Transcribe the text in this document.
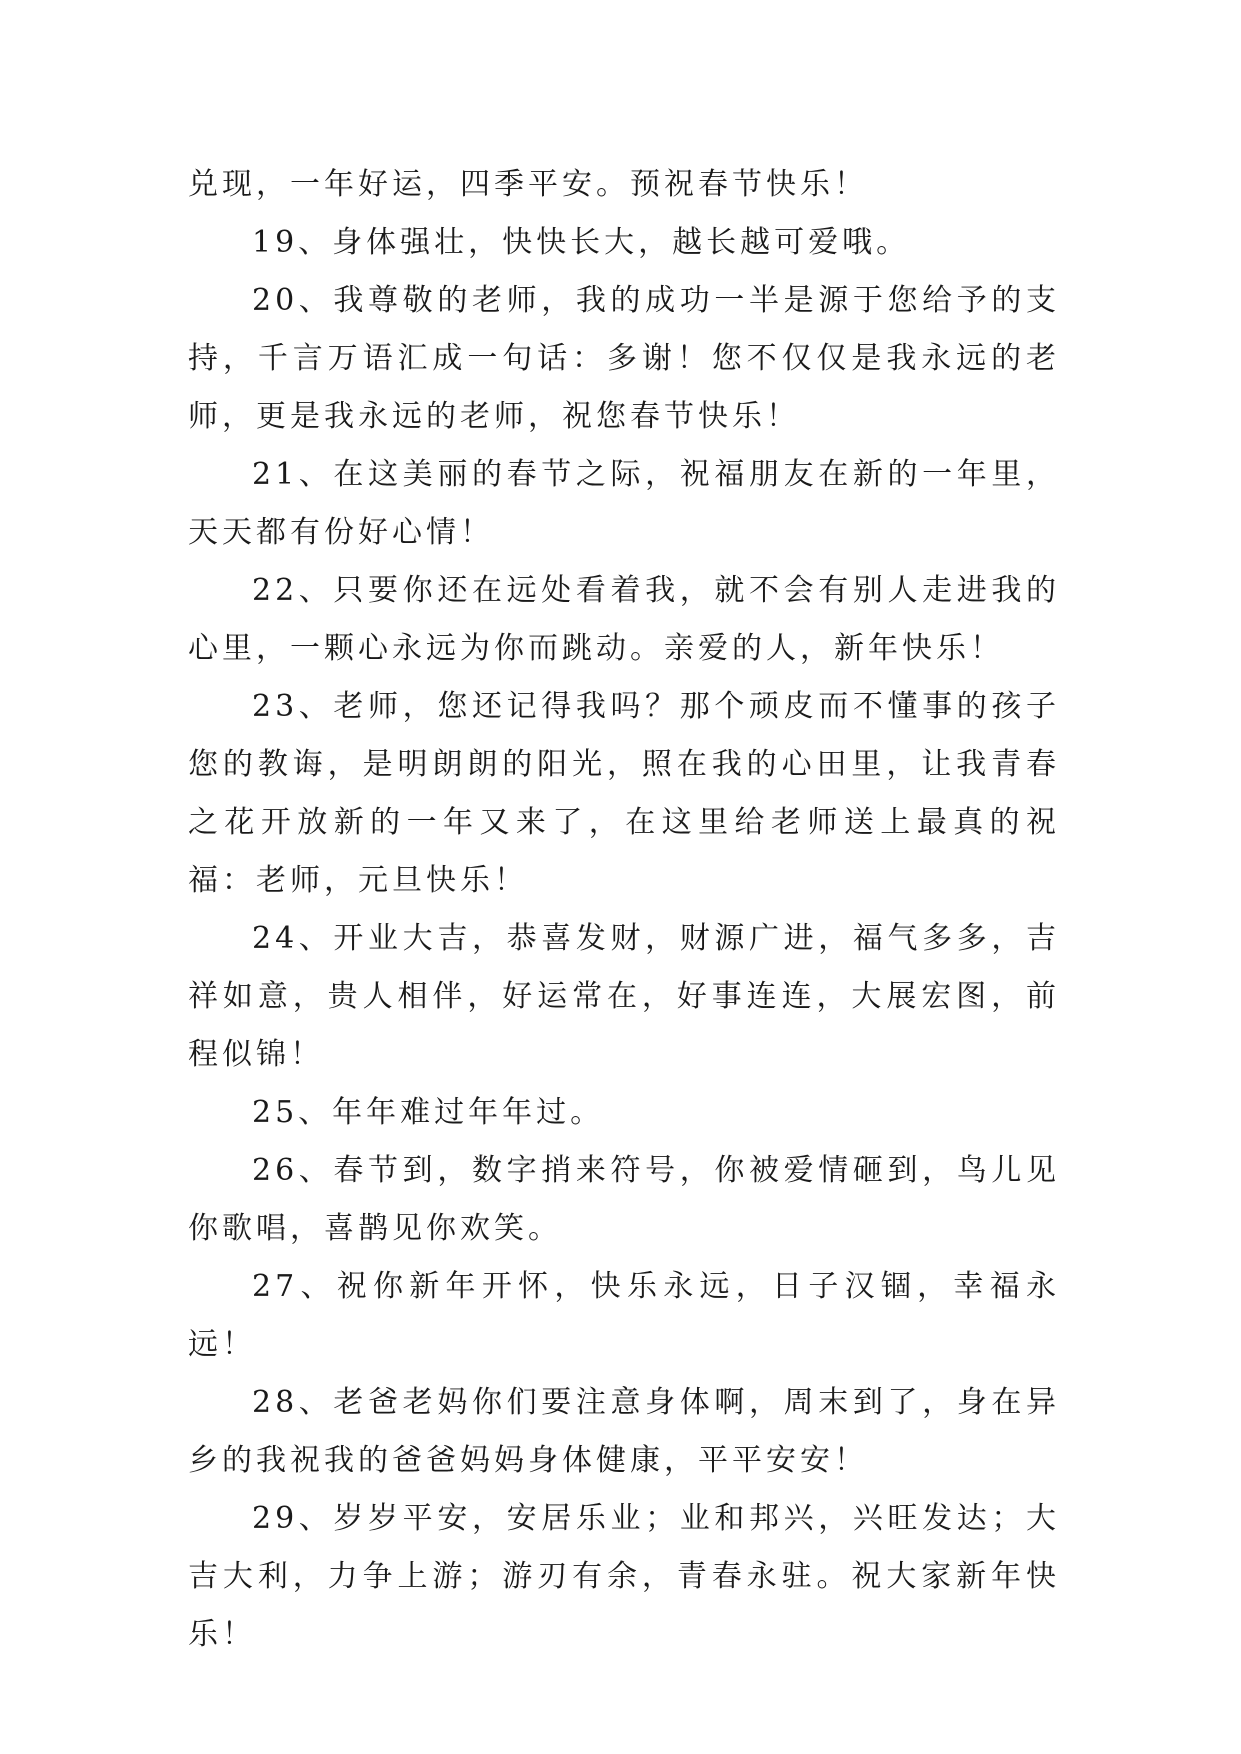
兑现，一年好运，四季平安。预祝春节快乐！

19、身体强壮，快快长大，越长越可爱哦。

20、我尊敬的老师，我的成功一半是源于您给予的支持，千言万语汇成一句话：多谢！您不仅仅是我永远的老师，更是我永远的老师，祝您春节快乐！

21、在这美丽的春节之际，祝福朋友在新的一年里，天天都有份好心情！

22、只要你还在远处看着我，就不会有别人走进我的心里，一颗心永远为你而跳动。亲爱的人，新年快乐！

23、老师，您还记得我吗？那个顽皮而不懂事的孩子您的教诲，是明朗朗的阳光，照在我的心田里，让我青春之花开放新的一年又来了，在这里给老师送上最真的祝福：老师，元旦快乐！

24、开业大吉，恭喜发财，财源广进，福气多多，吉祥如意，贵人相伴，好运常在，好事连连，大展宏图，前程似锦！

25、年年难过年年过。

26、春节到，数字捎来符号，你被爱情砸到，鸟儿见你歌唱，喜鹊见你欢笑。

27、祝你新年开怀，快乐永远，日子汉锢，幸福永远！

28、老爸老妈你们要注意身体啊，周末到了，身在异乡的我祝我的爸爸妈妈身体健康，平平安安！

29、岁岁平安，安居乐业；业和邦兴，兴旺发达；大吉大利，力争上游；游刃有余，青春永驻。祝大家新年快乐！
